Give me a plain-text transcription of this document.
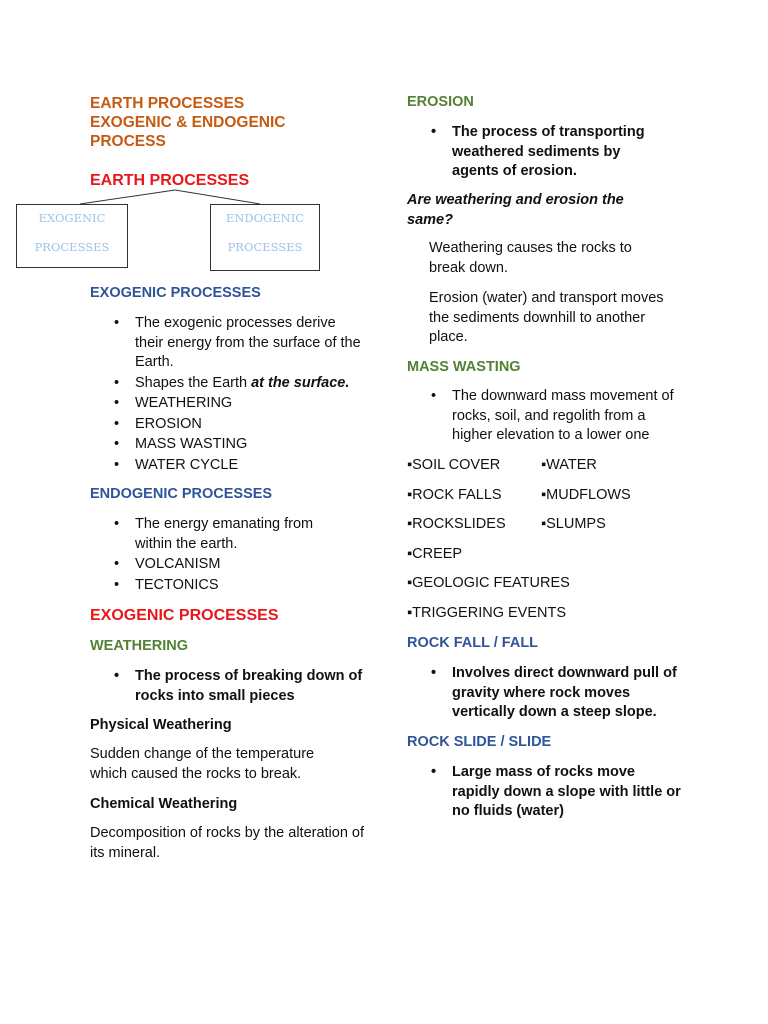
EARTH PROCESSES
EXOGENIC & ENDOGENIC
PROCESS
EARTH PROCESSES
EXOGENIC
PROCESSES
ENDOGENIC
PROCESSES
EXOGENIC PROCESSES
• The exogenic processes derive their energy from the surface of the Earth.
• Shapes the Earth at the surface.
• WEATHERING
• EROSION
• MASS WASTING
• WATER CYCLE
ENDOGENIC PROCESSES
• The energy emanating from within the earth.
• VOLCANISM
• TECTONICS
EXOGENIC PROCESSES
WEATHERING
• The process of breaking down of rocks into small pieces
Physical Weathering
Sudden change of the temperature which caused the rocks to break.
Chemical Weathering
Decomposition of rocks by the alteration of its mineral.
EROSION
• The process of transporting weathered sediments by agents of erosion.
Are weathering and erosion the same?
Weathering causes the rocks to break down.
Erosion (water) and transport moves the sediments downhill to another place.
MASS WASTING
• The downward mass movement of rocks, soil, and regolith from a higher elevation to a lower one
▪SOIL COVER	▪WATER
▪ROCK FALLS	▪MUDFLOWS
▪ROCKSLIDES ▪SLUMPS
▪CREEP
▪GEOLOGIC FEATURES
▪TRIGGERING EVENTS
ROCK FALL / FALL
• Involves direct downward pull of gravity where rock moves vertically down a steep slope.
ROCK SLIDE / SLIDE
• Large mass of rocks move rapidly down a slope with little or no fluids (water)
